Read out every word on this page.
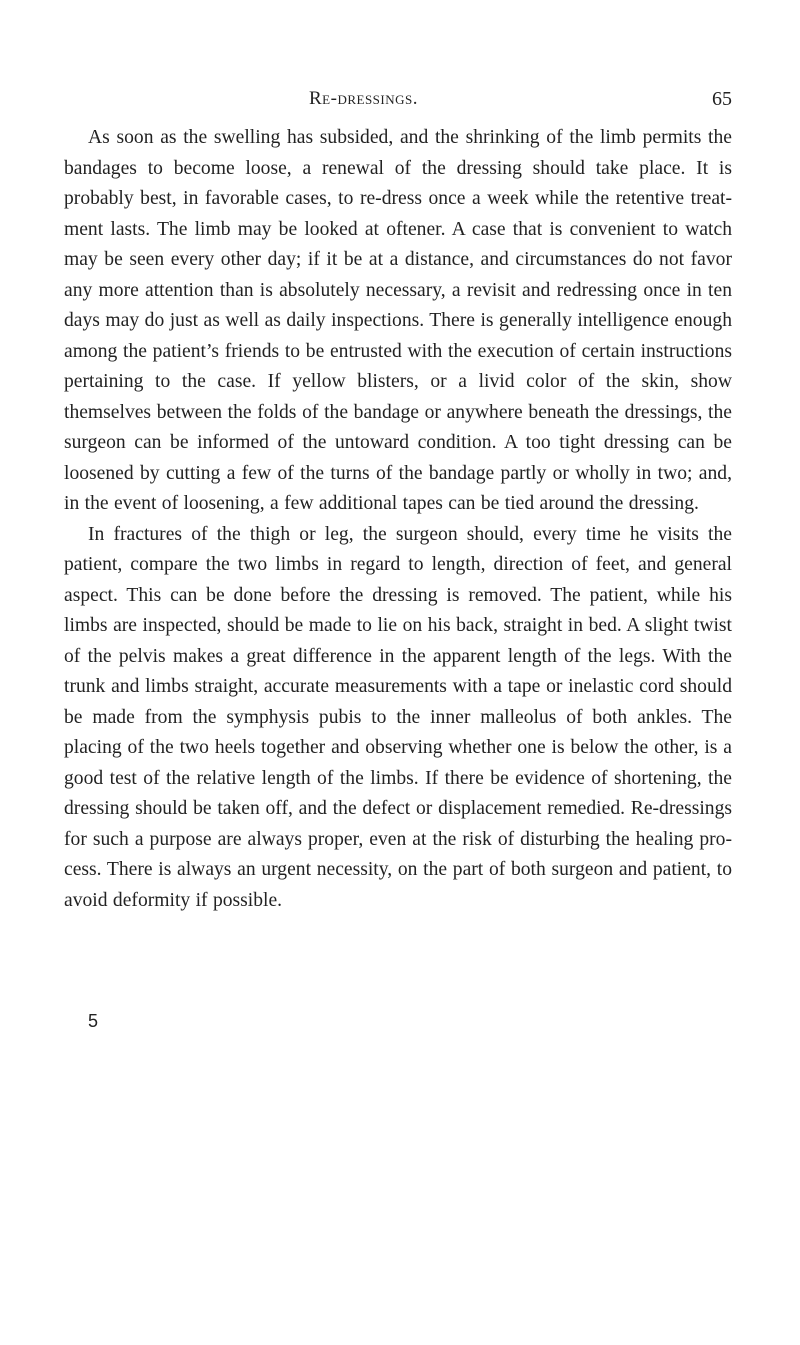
Re-dressings.	65

As soon as the swelling has subsided, and the shrinking of the limb permits the bandages to become loose, a renewal of the dressing should take place. It is probably best, in favorable cases, to re-dress once a week while the retentive treatment lasts. The limb may be looked at oftener. A case that is convenient to watch may be seen every other day; if it be at a distance, and circumstances do not favor any more attention than is absolutely necessary, a revisit and redressing once in ten days may do just as well as daily inspections. There is generally intelligence enough among the patient’s friends to be entrusted with the execution of certain instructions pertaining to the case. If yellow blisters, or a livid color of the skin, show themselves between the folds of the bandage or anywhere beneath the dressings, the surgeon can be informed of the untoward condition. A too tight dressing can be loosened by cutting a few of the turns of the bandage partly or wholly in two; and, in the event of loosening, a few additional tapes can be tied around the dressing.

In fractures of the thigh or leg, the surgeon should, every time he visits the patient, compare the two limbs in regard to length, direction of feet, and general aspect. This can be done before the dressing is removed. The patient, while his limbs are inspected, should be made to lie on his back, straight in bed. A slight twist of the pelvis makes a great difference in the apparent length of the legs. With the trunk and limbs straight, accurate measurements with a tape or inelastic cord should be made from the symphysis pubis to the inner malleolus of both ankles. The placing of the two heels together and observing whether one is below the other, is a good test of the relative length of the limbs. If there be evidence of shortening, the dressing should be taken off, and the defect or displacement remedied. Re-dressings for such a purpose are always proper, even at the risk of disturbing the healing process. There is always an urgent necessity, on the part of both surgeon and patient, to avoid deformity if possible.

5
